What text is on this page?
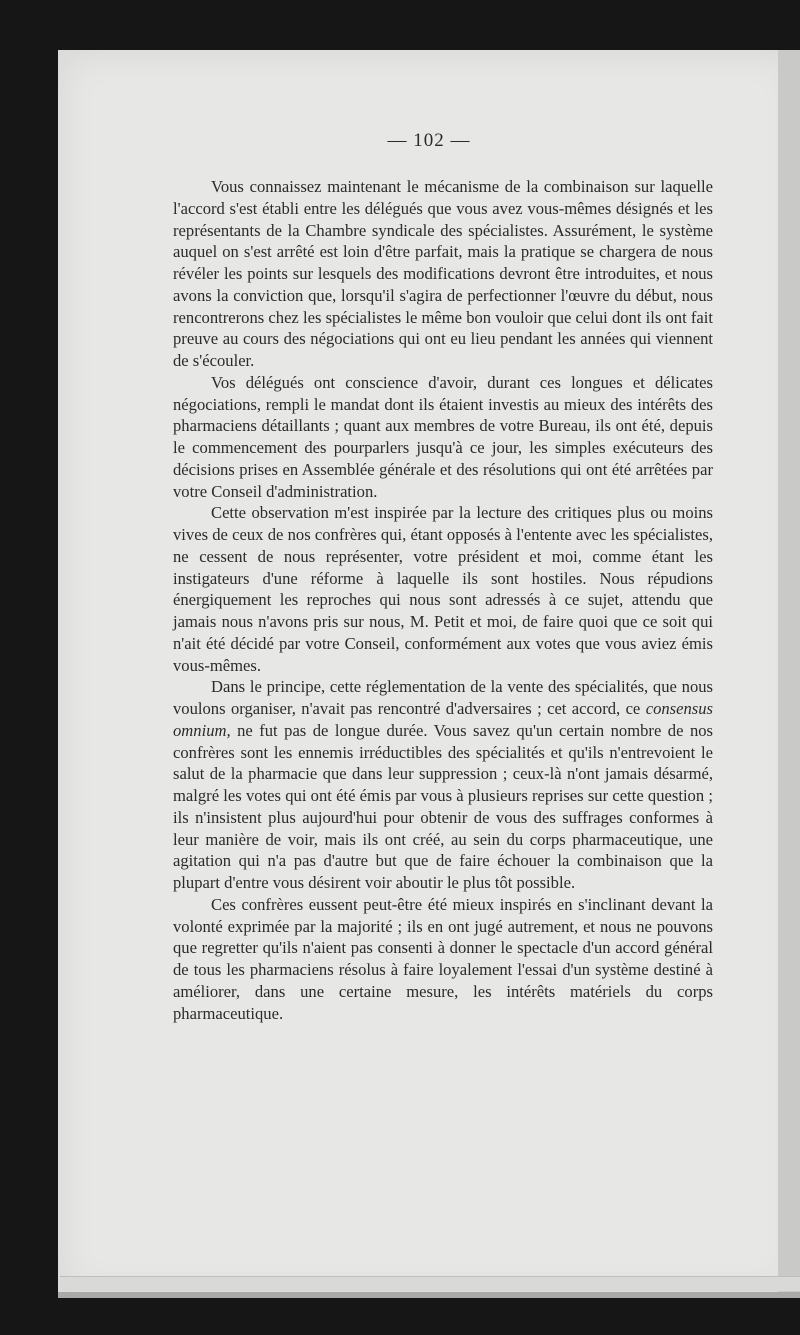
— 102 —

Vous connaissez maintenant le mécanisme de la combinaison sur laquelle l'accord s'est établi entre les délégués que vous avez vous-mêmes désignés et les représentants de la Chambre syndicale des spécialistes. Assurément, le système auquel on s'est arrêté est loin d'être parfait, mais la pratique se chargera de nous révéler les points sur lesquels des modifications devront être introduites, et nous avons la conviction que, lorsqu'il s'agira de perfectionner l'œuvre du début, nous rencontrerons chez les spécialistes le même bon vouloir que celui dont ils ont fait preuve au cours des négociations qui ont eu lieu pendant les années qui viennent de s'écouler.

Vos délégués ont conscience d'avoir, durant ces longues et délicates négociations, rempli le mandat dont ils étaient investis au mieux des intérêts des pharmaciens détaillants ; quant aux membres de votre Bureau, ils ont été, depuis le commencement des pourparlers jusqu'à ce jour, les simples exécuteurs des décisions prises en Assemblée générale et des résolutions qui ont été arrêtées par votre Conseil d'administration.

Cette observation m'est inspirée par la lecture des critiques plus ou moins vives de ceux de nos confrères qui, étant opposés à l'entente avec les spécialistes, ne cessent de nous représenter, votre président et moi, comme étant les instigateurs d'une réforme à laquelle ils sont hostiles. Nous répudions énergiquement les reproches qui nous sont adressés à ce sujet, attendu que jamais nous n'avons pris sur nous, M. Petit et moi, de faire quoi que ce soit qui n'ait été décidé par votre Conseil, conformément aux votes que vous aviez émis vous-mêmes.

Dans le principe, cette réglementation de la vente des spécialités, que nous voulons organiser, n'avait pas rencontré d'adversaires ; cet accord, ce consensus omnium, ne fut pas de longue durée. Vous savez qu'un certain nombre de nos confrères sont les ennemis irréductibles des spécialités et qu'ils n'entrevoient le salut de la pharmacie que dans leur suppression ; ceux-là n'ont jamais désarmé, malgré les votes qui ont été émis par vous à plusieurs reprises sur cette question ; ils n'insistent plus aujourd'hui pour obtenir de vous des suffrages conformes à leur manière de voir, mais ils ont créé, au sein du corps pharmaceutique, une agitation qui n'a pas d'autre but que de faire échouer la combinaison que la plupart d'entre vous désirent voir aboutir le plus tôt possible.

Ces confrères eussent peut-être été mieux inspirés en s'inclinant devant la volonté exprimée par la majorité ; ils en ont jugé autrement, et nous ne pouvons que regretter qu'ils n'aient pas consenti à donner le spectacle d'un accord général de tous les pharmaciens résolus à faire loyalement l'essai d'un système destiné à améliorer, dans une certaine mesure, les intérêts matériels du corps pharmaceutique.
